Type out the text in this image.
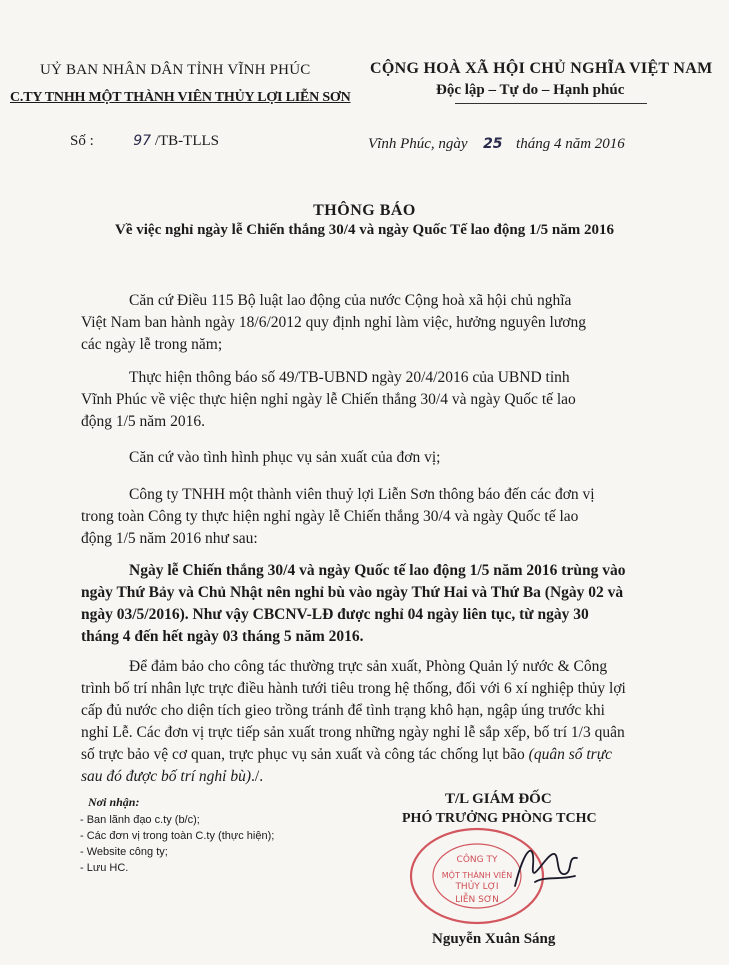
UỶ BAN NHÂN DÂN TỈNH VĨNH PHÚC
C.TY TNHH MỘT THÀNH VIÊN THỦY LỢI LIỄN SƠN
CỘNG HOÀ XÃ HỘI CHỦ NGHĨA VIỆT NAM
Độc lập – Tự do – Hạnh phúc
Số :	97 /TB-TLLS	Vĩnh Phúc, ngày 25 tháng 4 năm 2016
THÔNG BÁO
Về việc nghỉ ngày lễ Chiến thắng 30/4 và ngày Quốc Tế lao động 1/5 năm 2016
Căn cứ Điều 115 Bộ luật lao động của nước Cộng hoà xã hội chủ nghĩa
Việt Nam ban hành ngày 18/6/2012 quy định nghỉ làm việc, hưởng nguyên lương
các ngày lễ trong năm;
Thực hiện thông báo số 49/TB-UBND ngày 20/4/2016 của UBND tỉnh
Vĩnh Phúc về việc thực hiện nghỉ ngày lễ Chiến thắng 30/4 và ngày Quốc tế lao
động 1/5 năm 2016.
Căn cứ vào tình hình phục vụ sản xuất của đơn vị;
Công ty TNHH một thành viên thuỷ lợi Liễn Sơn thông báo đến các đơn vị
trong toàn Công ty thực hiện nghỉ ngày lễ Chiến thắng 30/4 và ngày Quốc tế lao
động 1/5 năm 2016 như sau:
Ngày lễ Chiến thắng 30/4 và ngày Quốc tế lao động 1/5 năm 2016 trùng vào
ngày Thứ Bảy và Chủ Nhật nên nghỉ bù vào ngày Thứ Hai và Thứ Ba (Ngày 02 và
ngày 03/5/2016). Như vậy CBCNV-LĐ được nghỉ 04 ngày liên tục, từ ngày 30
tháng 4 đến hết ngày 03 tháng 5 năm 2016.
Để đảm bảo cho công tác thường trực sản xuất, Phòng Quản lý nước & Công
trình bố trí nhân lực trực điều hành tưới tiêu trong hệ thống, đối với 6 xí nghiệp thủy lợi
cấp đủ nước cho diện tích gieo trồng tránh để tình trạng khô hạn, ngập úng trước khi
nghỉ Lễ. Các đơn vị trực tiếp sản xuất trong những ngày nghỉ lễ sắp xếp, bố trí 1/3 quân
số trực bảo vệ cơ quan, trực phục vụ sản xuất và công tác chống lụt bão (quân số trực
sau đó được bố trí nghỉ bù)./.
Nơi nhận:
- Ban lãnh đạo c.ty (b/c);
- Các đơn vị trong toàn C.ty (thực hiện);
- Website công ty;
- Lưu HC.
T/L GIÁM ĐỐC
PHÓ TRƯỞNG PHÒNG TCHC
CÔNG TY
MỘT THÀNH VIÊN
THỦY LỢI
LIỄN SƠN
Nguyễn Xuân Sáng
